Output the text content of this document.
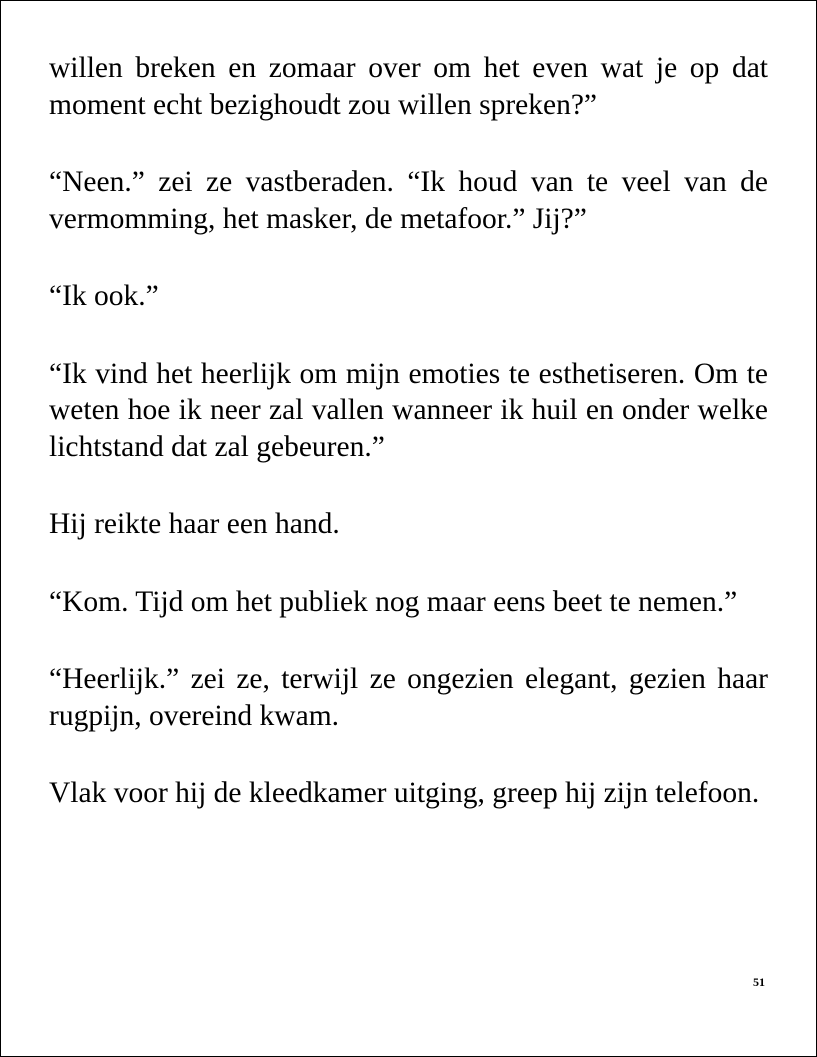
willen breken en zomaar over om het even wat je op dat moment echt bezighoudt zou willen spreken?”

“Neen.” zei ze vastberaden. “Ik houd van te veel van de vermomming, het masker, de metafoor.” Jij?”

“Ik ook.”

“Ik vind het heerlijk om mijn emoties te esthetiseren. Om te weten hoe ik neer zal vallen wanneer ik huil en onder welke lichtstand dat zal gebeuren.”

Hij reikte haar een hand.

“Kom. Tijd om het publiek nog maar eens beet te nemen.”

“Heerlijk.” zei ze, terwijl ze ongezien elegant, gezien haar rugpijn, overeind kwam.

Vlak voor hij de kleedkamer uitging, greep hij zijn telefoon.

51
